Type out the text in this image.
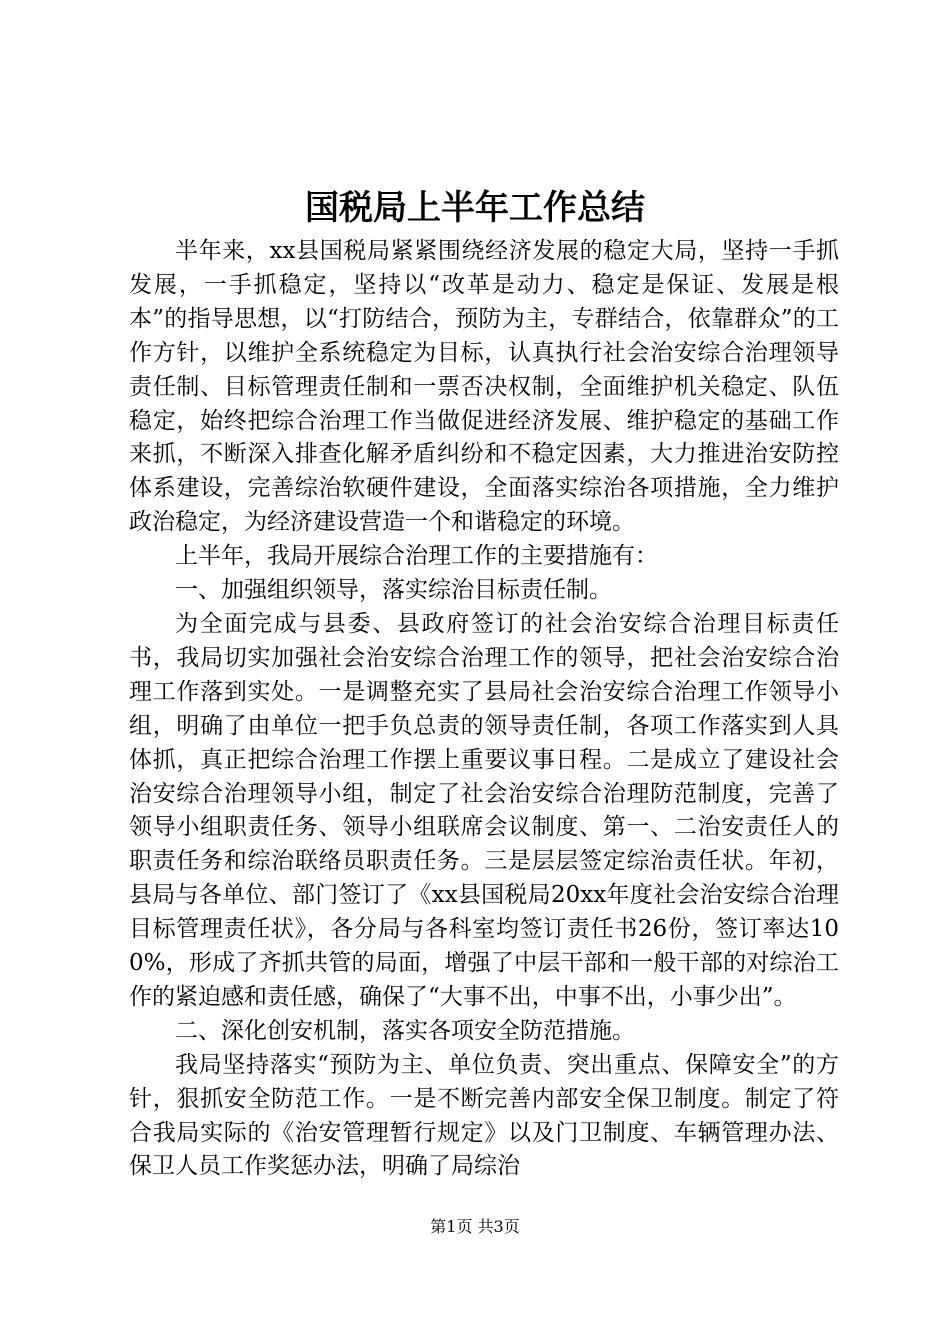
国税局上半年工作总结

半年来，xx县国税局紧紧围绕经济发展的稳定大局，坚持一手抓发展，一手抓稳定，坚持以“改革是动力、稳定是保证、发展是根本”的指导思想，以“打防结合，预防为主，专群结合，依靠群众”的工作方针，以维护全系统稳定为目标，认真执行社会治安综合治理领导责任制、目标管理责任制和一票否决权制，全面维护机关稳定、队伍稳定，始终把综合治理工作当做促进经济发展、维护稳定的基础工作来抓，不断深入排查化解矛盾纠纷和不稳定因素，大力推进治安防控体系建设，完善综治软硬件建设，全面落实综治各项措施，全力维护政治稳定，为经济建设营造一个和谐稳定的环境。

上半年，我局开展综合治理工作的主要措施有：

一、加强组织领导，落实综治目标责任制。

为全面完成与县委、县政府签订的社会治安综合治理目标责任书，我局切实加强社会治安综合治理工作的领导，把社会治安综合治理工作落到实处。一是调整充实了县局社会治安综合治理工作领导小组，明确了由单位一把手负总责的领导责任制，各项工作落实到人具体抓，真正把综合治理工作摆上重要议事日程。二是成立了建设社会治安综合治理领导小组，制定了社会治安综合治理防范制度，完善了领导小组职责任务、领导小组联席会议制度、第一、二治安责任人的职责任务和综治联络员职责任务。三是层层签定综治责任状。年初，县局与各单位、部门签订了《xx县国税局20xx年度社会治安综合治理目标管理责任状》，各分局与各科室均签订责任书26份，签订率达100%，形成了齐抓共管的局面，增强了中层干部和一般干部的对综治工作的紧迫感和责任感，确保了“大事不出，中事不出，小事少出”。

二、深化创安机制，落实各项安全防范措施。

我局坚持落实“预防为主、单位负责、突出重点、保障安全”的方针，狠抓安全防范工作。一是不断完善内部安全保卫制度。制定了符合我局实际的《治安管理暂行规定》以及门卫制度、车辆管理办法、保卫人员工作奖惩办法，明确了局综治

第1页 共3页
